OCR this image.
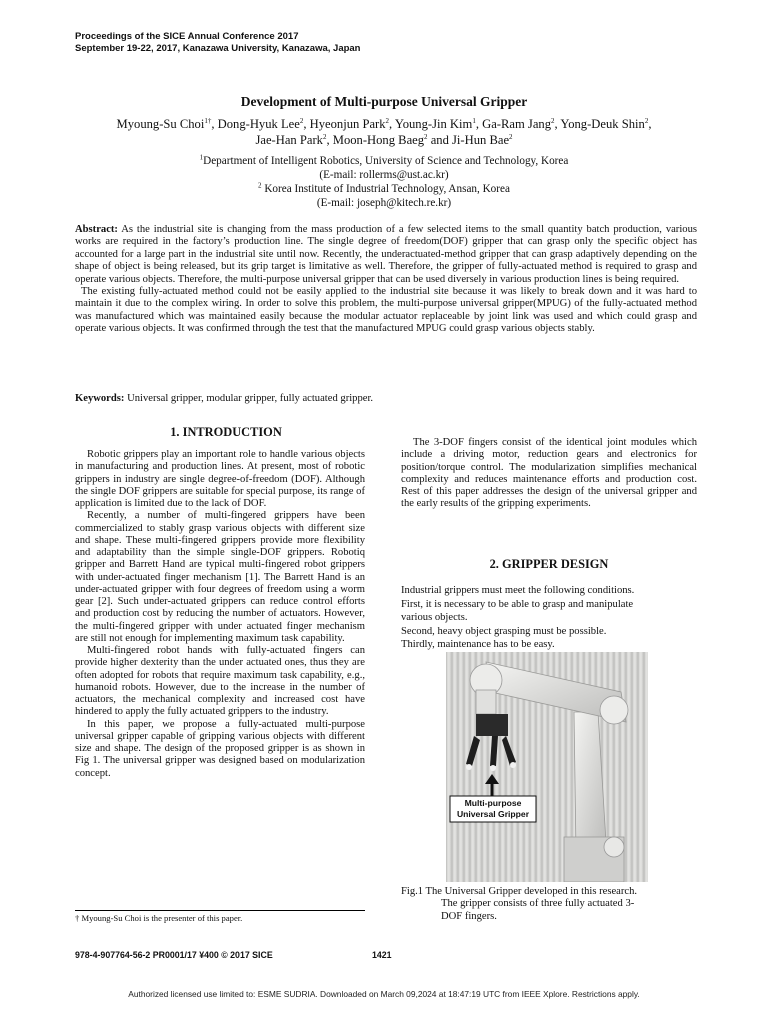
Proceedings of the SICE Annual Conference 2017
September 19-22, 2017, Kanazawa University, Kanazawa, Japan
Development of Multi-purpose Universal Gripper
Myoung-Su Choi$^{1\dagger}$, Dong-Hyuk Lee$^2$, Hyeonjun Park$^2$, Young-Jin Kim$^1$, Ga-Ram Jang$^2$, Yong-Deuk Shin$^2$,
Jae-Han Park$^2$, Moon-Hong Baeg$^2$ and Ji-Hun Bae$^2$
$^1$Department of Intelligent Robotics, University of Science and Technology, Korea
(E-mail: rollerms@ust.ac.kr)
$^2$ Korea Institute of Industrial Technology, Ansan, Korea
(E-mail: joseph@kitech.re.kr)

Abstract: As the industrial site is changing from the mass production of a few selected items to the small quantity batch production, various works are required in the factory’s production line. The single degree of freedom(DOF) gripper that can grasp only the specific object has accounted for a large part in the industrial site until now. Recently, the underactuated-method gripper that can grasp adaptively depending on the shape of object is being released, but its grip target is limitative as well. Therefore, the gripper of fully-actuated method is required to grasp and operate various objects. Therefore, the multi-purpose universal gripper that can be used diversely in various production lines is being required.

The existing fully-actuated method could not be easily applied to the industrial site because it was likely to break down and it was hard to maintain it due to the complex wiring. In order to solve this problem, the multi-purpose universal gripper(MPUG) of the fully-actuated method was manufactured which was maintained easily because the modular actuator replaceable by joint link was used and which could grasp and operate various objects. It was confirmed through the test that the manufactured MPUG could grasp various objects stably.

Keywords: Universal gripper, modular gripper, fully actuated gripper.
1. INTRODUCTION

Robotic grippers play an important role to handle various objects in manufacturing and production lines. At present, most of robotic grippers in industry are single degree-of-freedom (DOF). Although the single DOF grippers are suitable for special purpose, its range of application is limited due to the lack of DOF.

Recently, a number of multi-fingered grippers have been commercialized to stably grasp various objects with different size and shape. These multi-fingered grippers provide more flexibility and adaptability than the simple single-DOF grippers. Robotiq gripper and Barrett Hand are typical multi-fingered robot grippers with under-actuated finger mechanism [1]. The Barrett Hand is an under-actuated gripper with four degrees of freedom using a worm gear [2]. Such under-actuated grippers can reduce control efforts and production cost by reducing the number of actuators. However, the multi-fingered gripper with under actuated finger mechanism are still not enough for implementing maximum task capability.

Multi-fingered robot hands with fully-actuated fingers can provide higher dexterity than the under actuated ones, thus they are often adopted for robots that require maximum task capability, e.g., humanoid robots. However, due to the increase in the number of actuators, the mechanical complexity and increased cost have hindered to apply the fully actuated grippers to the industry.

In this paper, we propose a fully-actuated multi-purpose universal gripper capable of gripping various objects with different size and shape. The design of the proposed gripper is as shown in Fig 1. The universal gripper was designed based on modularization concept.

The 3-DOF fingers consist of the identical joint modules which include a driving motor, reduction gears and electronics for position/torque control. The modularization simplifies mechanical complexity and reduces maintenance efforts and production cost. Rest of this paper addresses the design of the universal gripper and the early results of the gripping experiments.

2. GRIPPER DESIGN
Industrial grippers must meet the following conditions.
First, it is necessary to be able to grasp and manipulate
various objects.
Second, heavy object grasping must be possible.
Thirdly, maintenance has to be easy.
Multi-purpose
Universal Gripper
Fig.1 The Universal Gripper developed in this research.
The gripper consists of three fully actuated 3-
DOF fingers.
† Myoung-Su Choi is the presenter of this paper.
978-4-907764-56-2 PR0001/17 ¥400 © 2017 SICE	1421
Authorized licensed use limited to: ESME SUDRIA. Downloaded on March 09,2024 at 18:47:19 UTC from IEEE Xplore. Restrictions apply.
